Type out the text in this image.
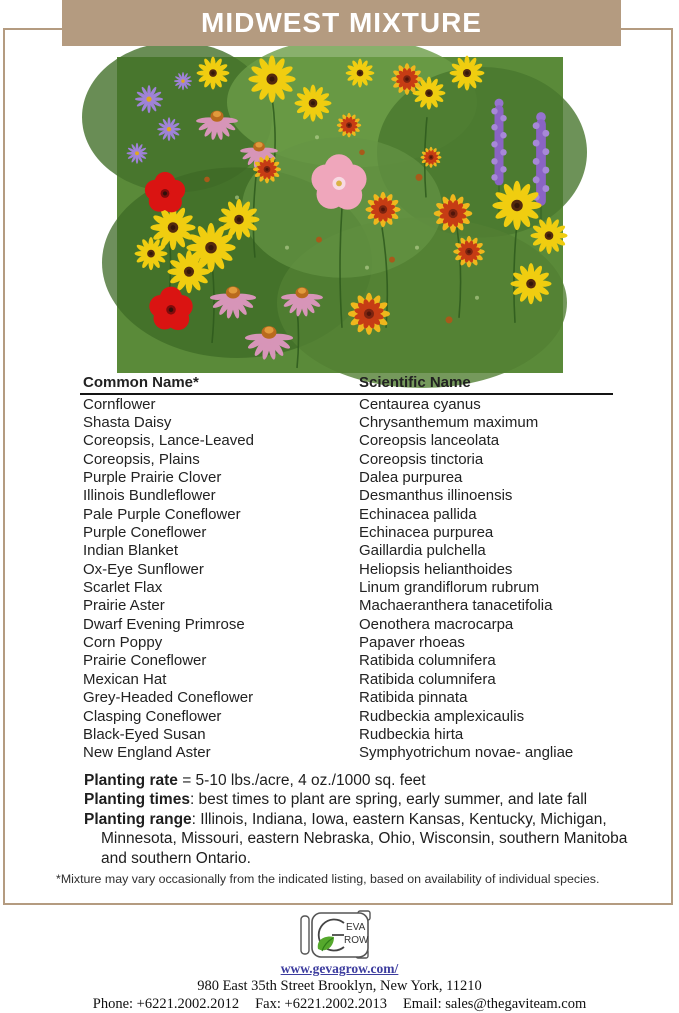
MIDWEST MIXTURE
Common Name*	Scientific Name
Cornflower	Centaurea cyanus
Shasta Daisy	Chrysanthemum maximum
Coreopsis, Lance-Leaved	Coreopsis lanceolata
Coreopsis, Plains	Coreopsis tinctoria
Purple Prairie Clover	Dalea purpurea
Illinois Bundleflower	Desmanthus illinoensis
Pale Purple Coneflower	Echinacea pallida
Purple Coneflower	Echinacea purpurea
Indian Blanket	Gaillardia pulchella
Ox-Eye Sunflower	Heliopsis helianthoides
Scarlet Flax	Linum grandiflorum rubrum
Prairie Aster	Machaeranthera tanacetifolia
Dwarf Evening Primrose	Oenothera macrocarpa
Corn Poppy	Papaver rhoeas
Prairie Coneflower	Ratibida columnifera
Mexican Hat	Ratibida columnifera
Grey-Headed Coneflower	Ratibida pinnata
Clasping Coneflower	Rudbeckia amplexicaulis
Black-Eyed Susan	Rudbeckia hirta
New England Aster	Symphyotrichum novae- angliae
Planting rate = 5-10 lbs./acre, 4 oz./1000 sq. feet
Planting times: best times to plant are spring, early summer, and late fall
Planting range: Illinois, Indiana, Iowa, eastern Kansas, Kentucky, Michigan, Minnesota, Missouri, eastern Nebraska, Ohio, Wisconsin, southern Manitoba and southern Ontario.
*Mixture may vary occasionally from the indicated listing, based on availability of individual species.
EVA
ROW
www.gevagrow.com/
980 East 35th Street Brooklyn, New York, 11210
Phone: +6221.2002.2012 Fax: +6221.2002.2013 Email: sales@thegaviteam.com
